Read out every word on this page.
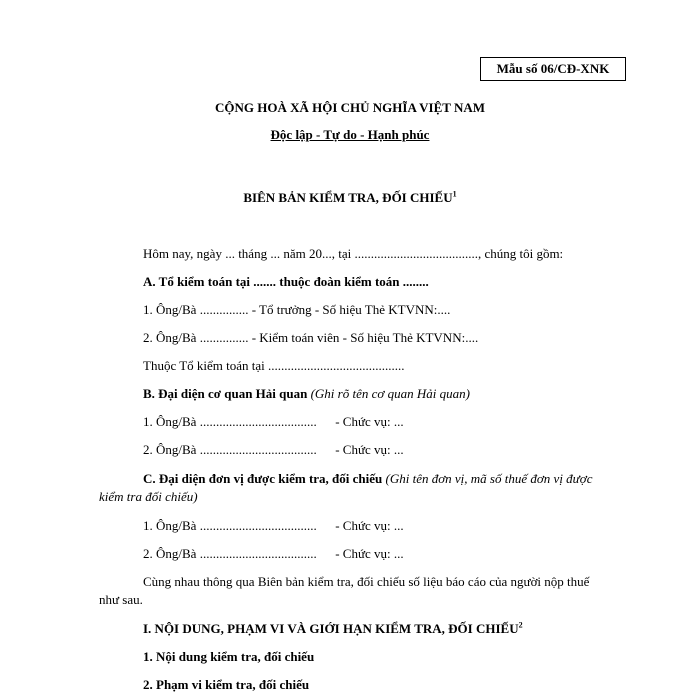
Mẫu số 06/CĐ-XNK
CỘNG HOÀ XÃ HỘI CHỦ NGHĨA VIỆT NAM
Độc lập - Tự do - Hạnh phúc
BIÊN BẢN KIỂM TRA, ĐỐI CHIẾU$^1$
Hôm nay, ngày ... tháng ... năm 20..., tại ......................................, chúng tôi gồm:
A. Tổ kiểm toán tại ....... thuộc đoàn kiểm toán ........
1. Ông/Bà ............... - Tổ trưởng - Số hiệu Thẻ KTVNN:....
2. Ông/Bà ............... - Kiểm toán viên - Số hiệu Thẻ KTVNN:....
Thuộc Tổ kiểm toán tại ..........................................
B. Đại diện cơ quan Hải quan (Ghi rõ tên cơ quan Hải quan)
1. Ông/Bà .................................... - Chức vụ: ...
2. Ông/Bà .................................... - Chức vụ: ...
C. Đại diện đơn vị được kiểm tra, đối chiếu (Ghi tên đơn vị, mã số thuế đơn vị được
kiểm tra đối chiếu)
1. Ông/Bà .................................... - Chức vụ: ...
2. Ông/Bà .................................... - Chức vụ: ...
Cùng nhau thông qua Biên bản kiểm tra, đối chiếu số liệu báo cáo của người nộp thuế
như sau.
I. NỘI DUNG, PHẠM VI VÀ GIỚI HẠN KIỂM TRA, ĐỐI CHIẾU$^2$
1. Nội dung kiểm tra, đối chiếu
2. Phạm vi kiểm tra, đối chiếu
